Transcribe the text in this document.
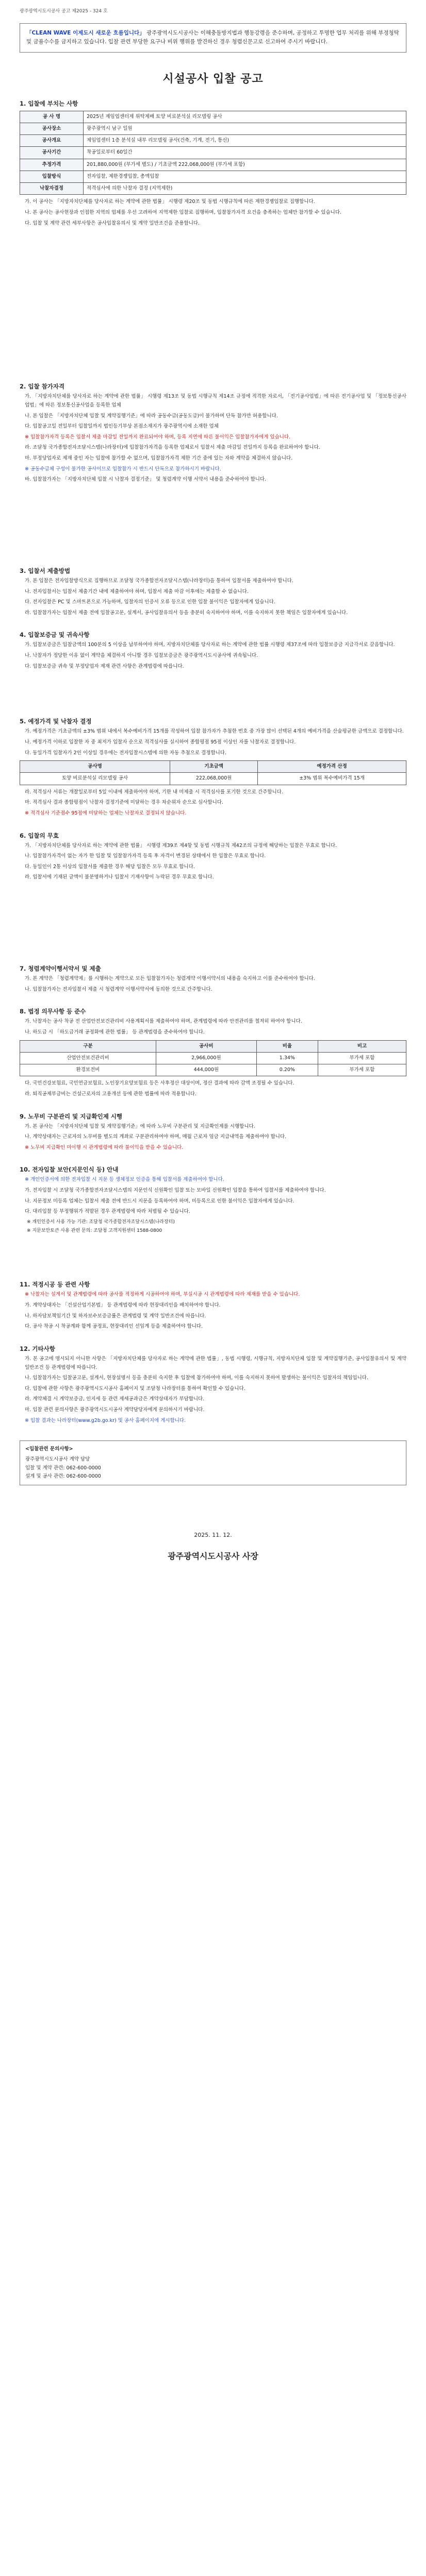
광주광역시도시공사 공고 제2025 - 324 호
「CLEAN WAVE 이제도시 새로운 흐름입니다」 광주광역시도시공사는 이해충돌방지법과 행동강령을 준수하며, 공정하고 투명한 업무 처리를 위해 부정청탁 및 금품수수를 금지하고 있습니다. 입찰 관련 부당한 요구나 비위 행위를 발견하신 경우 청렴신문고로 신고하여 주시기 바랍니다.
시설공사 입찰 공고
1. 입찰에 부치는 사항
공 사 명	2025년 제임업센터제 위탁제배 토양 비료분석실 리모델링 공사
공사장소	광주광역시 남구 일원
공사개요	제임업센터 1층 분석실 내부 리모델링 공사(건축, 기계, 전기, 통신)
공사기간	착공일로부터 60일간
추정가격	201,880,000원 (부가세 별도) / 기초금액 222,068,000원 (부가세 포함)
입찰방식	전자입찰, 제한경쟁입찰, 총액입찰
낙찰자결정	적격심사에 의한 낙찰자 결정 (지역제한)
가. 이 공사는 「지방자치단체를 당사자로 하는 계약에 관한 법률」 시행령 제20조 및 동법 시행규칙에 따른 제한경쟁입찰로 집행합니다.
나. 본 공사는 공사현장과 인접한 지역의 업체를 우선 고려하여 지역제한 입찰로 집행하며, 입찰참가자격 요건을 충족하는 업체만 참가할 수 있습니다.
다. 입찰 및 계약 관련 세부사항은 공사입찰유의서 및 계약 일반조건을 준용합니다.
2. 입찰 참가자격
가. 「지방자치단체를 당사자로 하는 계약에 관한 법률」 시행령 제13조 및 동법 시행규칙 제14조 규정에 적격한 자로서, 「전기공사업법」에 따른 전기공사업 및 「정보통신공사업법」에 따른 정보통신공사업을 등록한 업체
나. 본 입찰은 「지방자치단체 입찰 및 계약집행기준」에 따라 공동수급(공동도급)이 불가하며 단독 참가만 허용합니다.
다. 입찰공고일 전일부터 입찰일까지 법인등기부상 본점소재지가 광주광역시에 소재한 업체
※ 입찰참가자격 등록은 입찰서 제출 마감일 전일까지 완료되어야 하며, 등록 지연에 따른 불이익은 입찰참가자에게 있습니다.
라. 조달청 국가종합전자조달시스템(나라장터)에 입찰참가자격을 등록한 업체로서 입찰서 제출 마감일 전일까지 등록을 완료하여야 합니다.
마. 부정당업자로 제재 중인 자는 입찰에 참가할 수 없으며, 입찰참가자격 제한 기간 중에 있는 자와 계약을 체결하지 않습니다.
※ 공동수급체 구성이 불가한 공사이므로 입찰참가 시 반드시 단독으로 참가하시기 바랍니다.
바. 입찰참가자는 「지방자치단체 입찰 시 낙찰자 결정기준」 및 청렴계약 이행 서약서 내용을 준수하여야 합니다.
3. 입찰서 제출방법
가. 본 입찰은 전자입찰방식으로 집행하므로 조달청 국가종합전자조달시스템(나라장터)을 통하여 입찰서를 제출하여야 합니다.
나. 전자입찰서는 입찰서 제출기간 내에 제출하여야 하며, 입찰서 제출 마감 이후에는 제출할 수 없습니다.
다. 전자입찰은 PC 및 스마트폰으로 가능하며, 입찰자의 인증서 오류 등으로 인한 입찰 불이익은 입찰자에게 있습니다.
라. 입찰참가자는 입찰서 제출 전에 입찰공고문, 설계서, 공사입찰유의서 등을 충분히 숙지하여야 하며, 이를 숙지하지 못한 책임은 입찰자에게 있습니다.
4. 입찰보증금 및 귀속사항
가. 입찰보증금은 입찰금액의 100분의 5 이상을 납부하여야 하며, 지방자치단체를 당사자로 하는 계약에 관한 법률 시행령 제37조에 따라 입찰보증금 지급각서로 갈음합니다.
나. 낙찰자가 정당한 이유 없이 계약을 체결하지 아니할 경우 입찰보증금은 광주광역시도시공사에 귀속됩니다.
다. 입찰보증금 귀속 및 부정당업자 제재 관련 사항은 관계법령에 따릅니다.
5. 예정가격 및 낙찰자 결정
가. 예정가격은 기초금액의 ±3% 범위 내에서 복수예비가격 15개를 작성하여 입찰 참가자가 추첨한 번호 중 가장 많이 선택된 4개의 예비가격을 산술평균한 금액으로 결정합니다.
나. 예정가격 이하로 입찰한 자 중 최저가 입찰자 순으로 적격심사를 실시하여 종합평점 95점 이상인 자를 낙찰자로 결정합니다.
다. 동일가격 입찰자가 2인 이상일 경우에는 전자입찰시스템에 의한 자동 추첨으로 결정합니다.
공사명	기초금액	예정가격 산정
토양 비료분석실 리모델링 공사	222,068,000원	±3% 범위 복수예비가격 15개
라. 적격심사 서류는 개찰일로부터 5일 이내에 제출하여야 하며, 기한 내 미제출 시 적격심사를 포기한 것으로 간주합니다.
마. 적격심사 결과 종합평점이 낙찰자 결정기준에 미달하는 경우 차순위자 순으로 심사합니다.
※ 적격심사 기준점수 95점에 미달하는 업체는 낙찰자로 결정되지 않습니다.
6. 입찰의 무효
가. 「지방자치단체를 당사자로 하는 계약에 관한 법률」 시행령 제39조 제4항 및 동법 시행규칙 제42조의 규정에 해당하는 입찰은 무효로 합니다.
나. 입찰참가자격이 없는 자가 한 입찰 및 입찰참가자격 등록 후 자격이 변경된 상태에서 한 입찰은 무효로 합니다.
다. 동일인이 2통 이상의 입찰서를 제출한 경우 해당 입찰은 모두 무효로 합니다.
라. 입찰서에 기재된 금액이 불분명하거나 입찰서 기재사항이 누락된 경우 무효로 합니다.
7. 청렴계약이행서약서 및 제출
가. 본 계약은 「청렴계약제」를 시행하는 계약으로 모든 입찰참가자는 청렴계약 이행서약서의 내용을 숙지하고 이를 준수하여야 합니다.
나. 입찰참가자는 전자입찰서 제출 시 청렴계약 이행서약서에 동의한 것으로 간주합니다.
8. 법정 의무사항 등 준수
가. 낙찰자는 공사 착공 전 산업안전보건관리비 사용계획서를 제출하여야 하며, 관계법령에 따라 안전관리를 철저히 하여야 합니다.
나. 하도급 시 「하도급거래 공정화에 관한 법률」 등 관계법령을 준수하여야 합니다.
구분	공사비	비율	비고
산업안전보건관리비	2,966,000원	1.34%	부가세 포함
환경보전비	444,000원	0.20%	부가세 포함
다. 국민건강보험료, 국민연금보험료, 노인장기요양보험료 등은 사후정산 대상이며, 정산 결과에 따라 감액 조정될 수 있습니다.
라. 퇴직공제부금비는 건설근로자의 고용개선 등에 관한 법률에 따라 적용합니다.
9. 노무비 구분관리 및 지급확인제 시행
가. 본 공사는 「지방자치단체 입찰 및 계약집행기준」에 따라 노무비 구분관리 및 지급확인제를 시행합니다.
나. 계약상대자는 근로자의 노무비를 별도의 계좌로 구분관리하여야 하며, 매월 근로자 임금 지급내역을 제출하여야 합니다.
※ 노무비 지급확인 미이행 시 관계법령에 따라 불이익을 받을 수 있습니다.
10. 전자입찰 보안(지문인식 등) 안내
※ 개인인증서에 의한 전자입찰 시 지문 등 생체정보 인증을 통해 입찰서를 제출하여야 합니다.
가. 전자입찰 시 조달청 국가종합전자조달시스템의 지문인식 신원확인 입찰 또는 모바일 신원확인 입찰을 통하여 입찰서를 제출하여야 합니다.
나. 지문정보 미등록 업체는 입찰서 제출 전에 반드시 지문을 등록하여야 하며, 미등록으로 인한 불이익은 입찰자에게 있습니다.
다. 대리입찰 등 부정행위가 적발된 경우 관계법령에 따라 처벌될 수 있습니다.
※ 개인인증서 사용 가능 기관: 조달청 국가종합전자조달시스템(나라장터)
※ 지문보안토큰 사용 관련 문의: 조달청 고객지원센터 1588-0800
11. 적정시공 등 관련 사항
※ 낙찰자는 설계서 및 관계법령에 따라 공사를 적정하게 시공하여야 하며, 부실시공 시 관계법령에 따라 제재를 받을 수 있습니다.
가. 계약상대자는 「건설산업기본법」 등 관계법령에 따라 현장대리인을 배치하여야 합니다.
나. 하자담보책임기간 및 하자보수보증금률은 관계법령 및 계약 일반조건에 따릅니다.
다. 공사 착공 시 착공계와 함께 공정표, 현장대리인 선임계 등을 제출하여야 합니다.
12. 기타사항
가. 본 공고에 명시되지 아니한 사항은 「지방자치단체를 당사자로 하는 계약에 관한 법률」, 동법 시행령, 시행규칙, 지방자치단체 입찰 및 계약집행기준, 공사입찰유의서 및 계약 일반조건 등 관계법령에 따릅니다.
나. 입찰참가자는 입찰공고문, 설계서, 현장설명서 등을 충분히 숙지한 후 입찰에 참가하여야 하며, 이를 숙지하지 못하여 발생하는 불이익은 입찰자의 책임입니다.
다. 입찰에 관한 사항은 광주광역시도시공사 홈페이지 및 조달청 나라장터를 통하여 확인할 수 있습니다.
라. 계약체결 시 계약보증금, 인지세 등 관련 제세공과금은 계약상대자가 부담합니다.
마. 입찰 관련 문의사항은 광주광역시도시공사 계약담당자에게 문의하시기 바랍니다.
※ 입찰 결과는 나라장터(www.g2b.go.kr) 및 공사 홈페이지에 게시합니다.
<입찰관련 문의사항>
광주광역시도시공사 계약 담당
입찰 및 계약 관련: 062-600-0000
설계 및 공사 관련: 062-600-0000
2025. 11. 12.
광주광역시도시공사 사장
